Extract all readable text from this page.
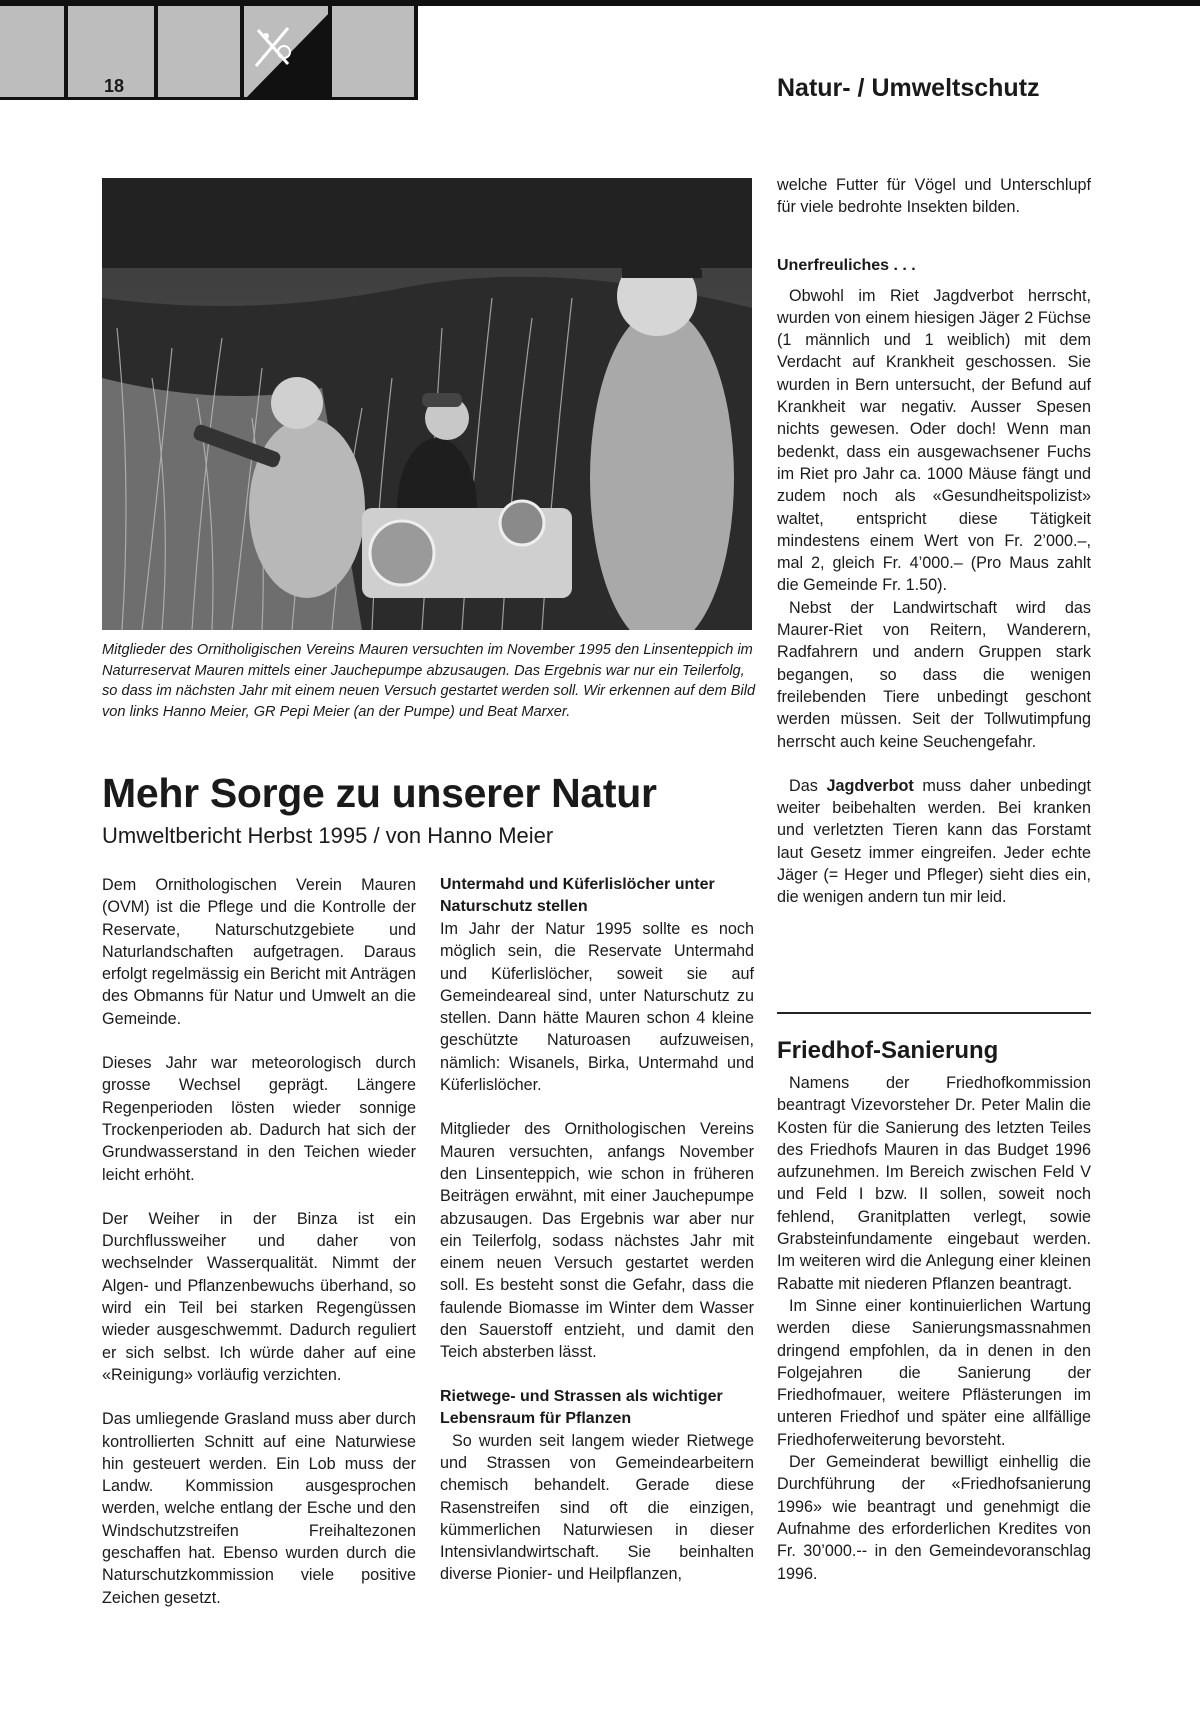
18	Natur- / Umweltschutz
Mitglieder des Ornitholigischen Vereins Mauren versuchten im November 1995 den Linsenteppich im Naturreservat Mauren mittels einer Jauchepumpe abzusaugen. Das Ergebnis war nur ein Teilerfolg, so dass im nächsten Jahr mit einem neuen Versuch gestartet werden soll. Wir erkennen auf dem Bild von links Hanno Meier, GR Pepi Meier (an der Pumpe) und Beat Marxer.
Mehr Sorge zu unserer Natur
Umweltbericht Herbst 1995 / von Hanno Meier

Dem Ornithologischen Verein Mauren (OVM) ist die Pflege und die Kontrolle der Reservate, Naturschutzgebiete und Naturlandschaften aufgetragen. Daraus erfolgt regelmässig ein Bericht mit Anträgen des Obmanns für Natur und Umwelt an die Gemeinde.

Dieses Jahr war meteorologisch durch grosse Wechsel geprägt. Längere Regenperioden lösten wieder sonnige Trockenperioden ab. Dadurch hat sich der Grundwasserstand in den Teichen wieder leicht erhöht.

Der Weiher in der Binza ist ein Durchflussweiher und daher von wechselnder Wasserqualität. Nimmt der Algen- und Pflanzenbewuchs überhand, so wird ein Teil bei starken Regengüssen wieder ausgeschwemmt. Dadurch reguliert er sich selbst. Ich würde daher auf eine «Reinigung» vorläufig verzichten.

Das umliegende Grasland muss aber durch kontrollierten Schnitt auf eine Naturwiese hin gesteuert werden. Ein Lob muss der Landw. Kommission ausgesprochen werden, welche entlang der Esche und den Windschutzstreifen Freihaltezonen geschaffen hat. Ebenso wurden durch die Naturschutzkommission viele positive Zeichen gesetzt.

Untermahd und Küferlislöcher unter Naturschutz stellen

Im Jahr der Natur 1995 sollte es noch möglich sein, die Reservate Untermahd und Küferlislöcher, soweit sie auf Gemeindeareal sind, unter Naturschutz zu stellen. Dann hätte Mauren schon 4 kleine geschützte Naturoasen aufzuweisen, nämlich: Wisanels, Birka, Untermahd und Küferlislöcher.

Mitglieder des Ornithologischen Vereins Mauren versuchten, anfangs November den Linsenteppich, wie schon in früheren Beiträgen erwähnt, mit einer Jauchepumpe abzusaugen. Das Ergebnis war aber nur ein Teilerfolg, sodass nächstes Jahr mit einem neuen Versuch gestartet werden soll. Es besteht sonst die Gefahr, dass die faulende Biomasse im Winter dem Wasser den Sauerstoff entzieht, und damit den Teich absterben lässt.

Rietwege- und Strassen als wichtiger Lebensraum für Pflanzen

So wurden seit langem wieder Rietwege und Strassen von Gemeindearbeitern chemisch behandelt. Gerade diese Rasenstreifen sind oft die einzigen, kümmerlichen Naturwiesen in dieser Intensivlandwirtschaft. Sie beinhalten diverse Pionier- und Heilpflanzen,

welche Futter für Vögel und Unterschlupf für viele bedrohte Insekten bilden.

Unerfreuliches . . .

Obwohl im Riet Jagdverbot herrscht, wurden von einem hiesigen Jäger 2 Füchse (1 männlich und 1 weiblich) mit dem Verdacht auf Krankheit geschossen. Sie wurden in Bern untersucht, der Befund auf Krankheit war negativ. Ausser Spesen nichts gewesen. Oder doch! Wenn man bedenkt, dass ein ausgewachsener Fuchs im Riet pro Jahr ca. 1000 Mäuse fängt und zudem noch als «Gesundheitspolizist» waltet, entspricht diese Tätigkeit mindestens einem Wert von Fr. 2’000.–, mal 2, gleich Fr. 4’000.– (Pro Maus zahlt die Gemeinde Fr. 1.50).

Nebst der Landwirtschaft wird das Maurer-Riet von Reitern, Wanderern, Radfahrern und andern Gruppen stark begangen, so dass die wenigen freilebenden Tiere unbedingt geschont werden müssen. Seit der Tollwutimpfung herrscht auch keine Seuchengefahr.

Das Jagdverbot muss daher unbedingt weiter beibehalten werden. Bei kranken und verletzten Tieren kann das Forstamt laut Gesetz immer eingreifen. Jeder echte Jäger (= Heger und Pfleger) sieht dies ein, die wenigen andern tun mir leid.

Friedhof-Sanierung

Namens der Friedhofkommission beantragt Vizevorsteher Dr. Peter Malin die Kosten für die Sanierung des letzten Teiles des Friedhofs Mauren in das Budget 1996 aufzunehmen. Im Bereich zwischen Feld V und Feld I bzw. II sollen, soweit noch fehlend, Granitplatten verlegt, sowie Grabsteinfundamente eingebaut werden. Im weiteren wird die Anlegung einer kleinen Rabatte mit niederen Pflanzen beantragt.

Im Sinne einer kontinuierlichen Wartung werden diese Sanierungsmassnahmen dringend empfohlen, da in denen in den Folgejahren die Sanierung der Friedhofmauer, weitere Pflästerungen im unteren Friedhof und später eine allfällige Friedhoferweiterung bevorsteht.

Der Gemeinderat bewilligt einhellig die Durchführung der «Friedhofsanierung 1996» wie beantragt und genehmigt die Aufnahme des erforderlichen Kredites von Fr. 30’000.-- in den Gemeindevoranschlag 1996.
